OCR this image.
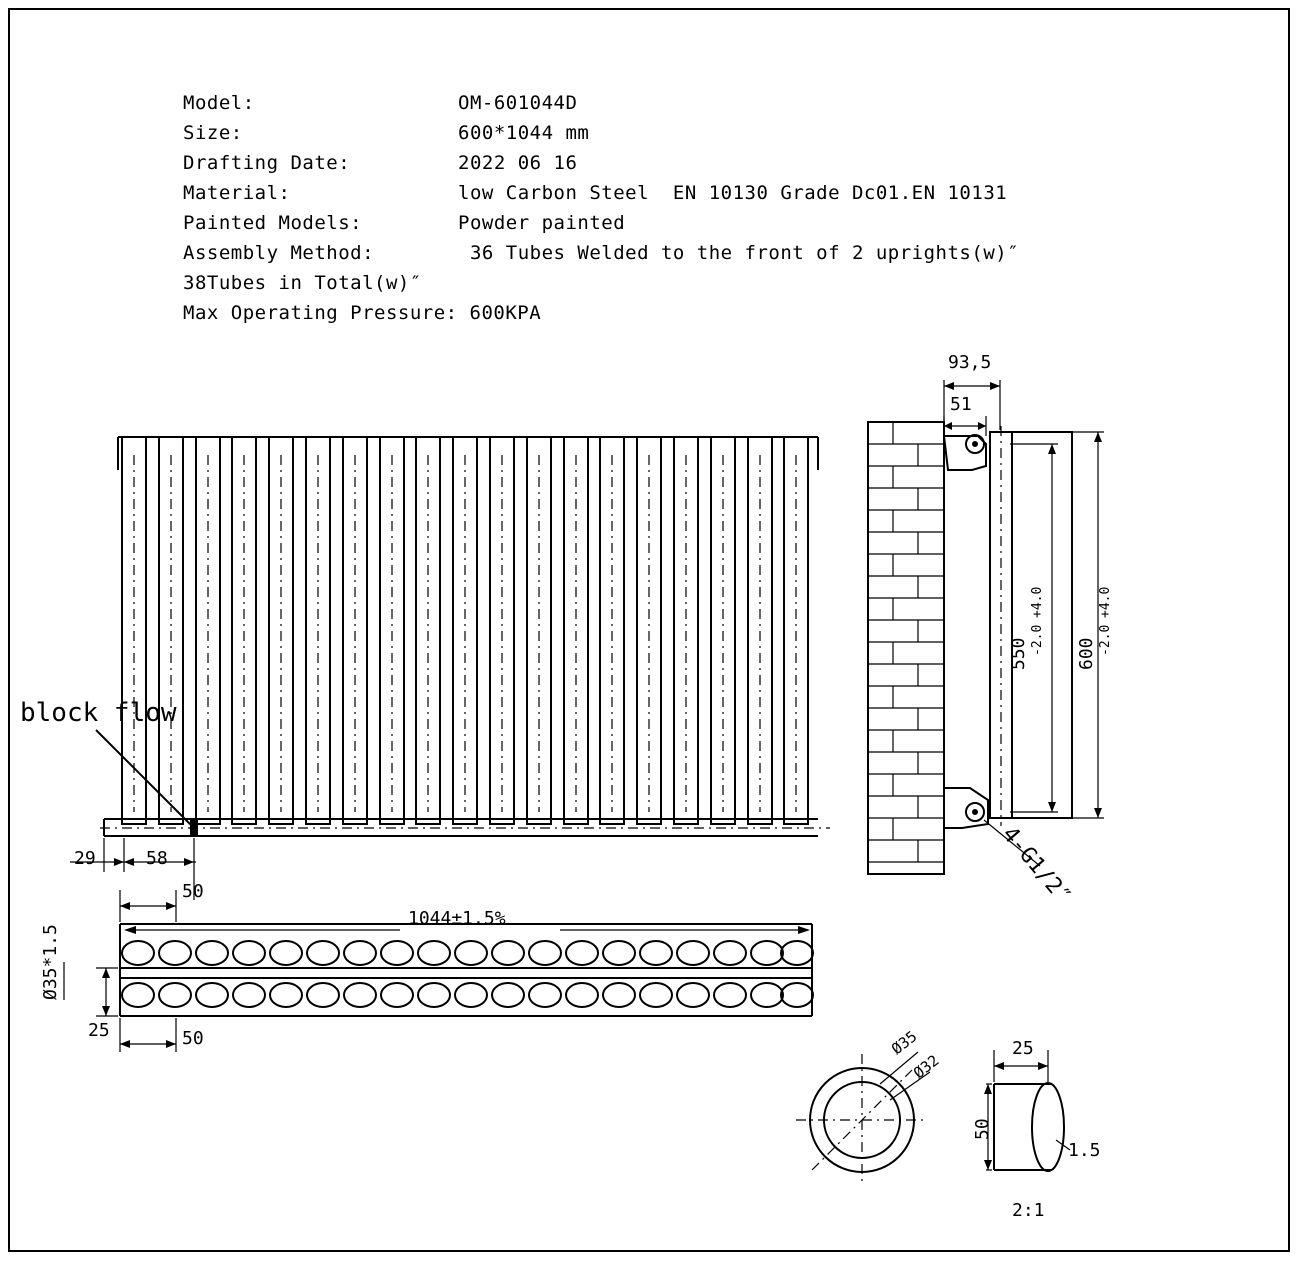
Model:	OM-601044D
Size:	600*1044 mm
Drafting Date:	2022 06 16
Material:	low Carbon Steel  EN 10130 Grade Dc01.EN 10131
Painted Models:	Powder painted
Assembly Method:	36 Tubes Welded to the front of 2 uprights(w)″
38Tubes in Total(w)″
Max Operating Pressure: 600KPA
block flow
29	58
50
50
25
Ø35*1.5
1044±1.5%
93,5
51
550
+4.0
-2.0 600
+4.0
-2.0
4-G1/2″
Ø35
Ø32
25
50
1.5
2:1
